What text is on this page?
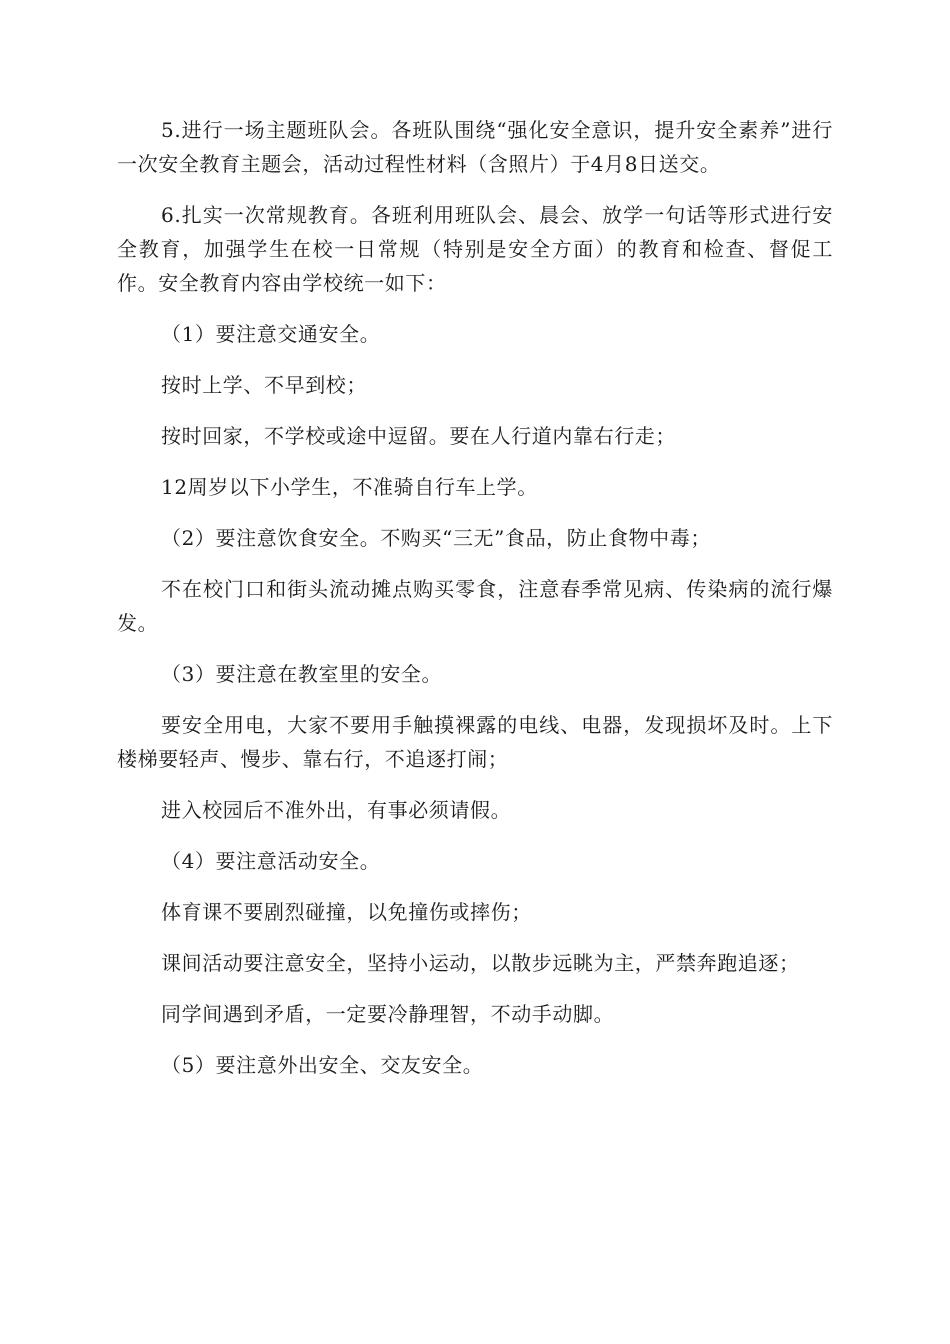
5.进行一场主题班队会。各班队围绕“强化安全意识，提升安全素养”进行一次安全教育主题会，活动过程性材料（含照片）于4月8日送交。

6.扎实一次常规教育。各班利用班队会、晨会、放学一句话等形式进行安全教育，加强学生在校一日常规（特别是安全方面）的教育和检查、督促工作。安全教育内容由学校统一如下：

（1）要注意交通安全。

按时上学、不早到校；

按时回家，不学校或途中逗留。要在人行道内靠右行走；

12周岁以下小学生，不准骑自行车上学。

（2）要注意饮食安全。不购买“三无”食品，防止食物中毒；

不在校门口和街头流动摊点购买零食，注意春季常见病、传染病的流行爆发。

（3）要注意在教室里的安全。

要安全用电，大家不要用手触摸裸露的电线、电器，发现损坏及时。上下楼梯要轻声、慢步、靠右行，不追逐打闹；

进入校园后不准外出，有事必须请假。

（4）要注意活动安全。

体育课不要剧烈碰撞，以免撞伤或摔伤；

课间活动要注意安全，坚持小运动，以散步远眺为主，严禁奔跑追逐；

同学间遇到矛盾，一定要冷静理智，不动手动脚。

（5）要注意外出安全、交友安全。
